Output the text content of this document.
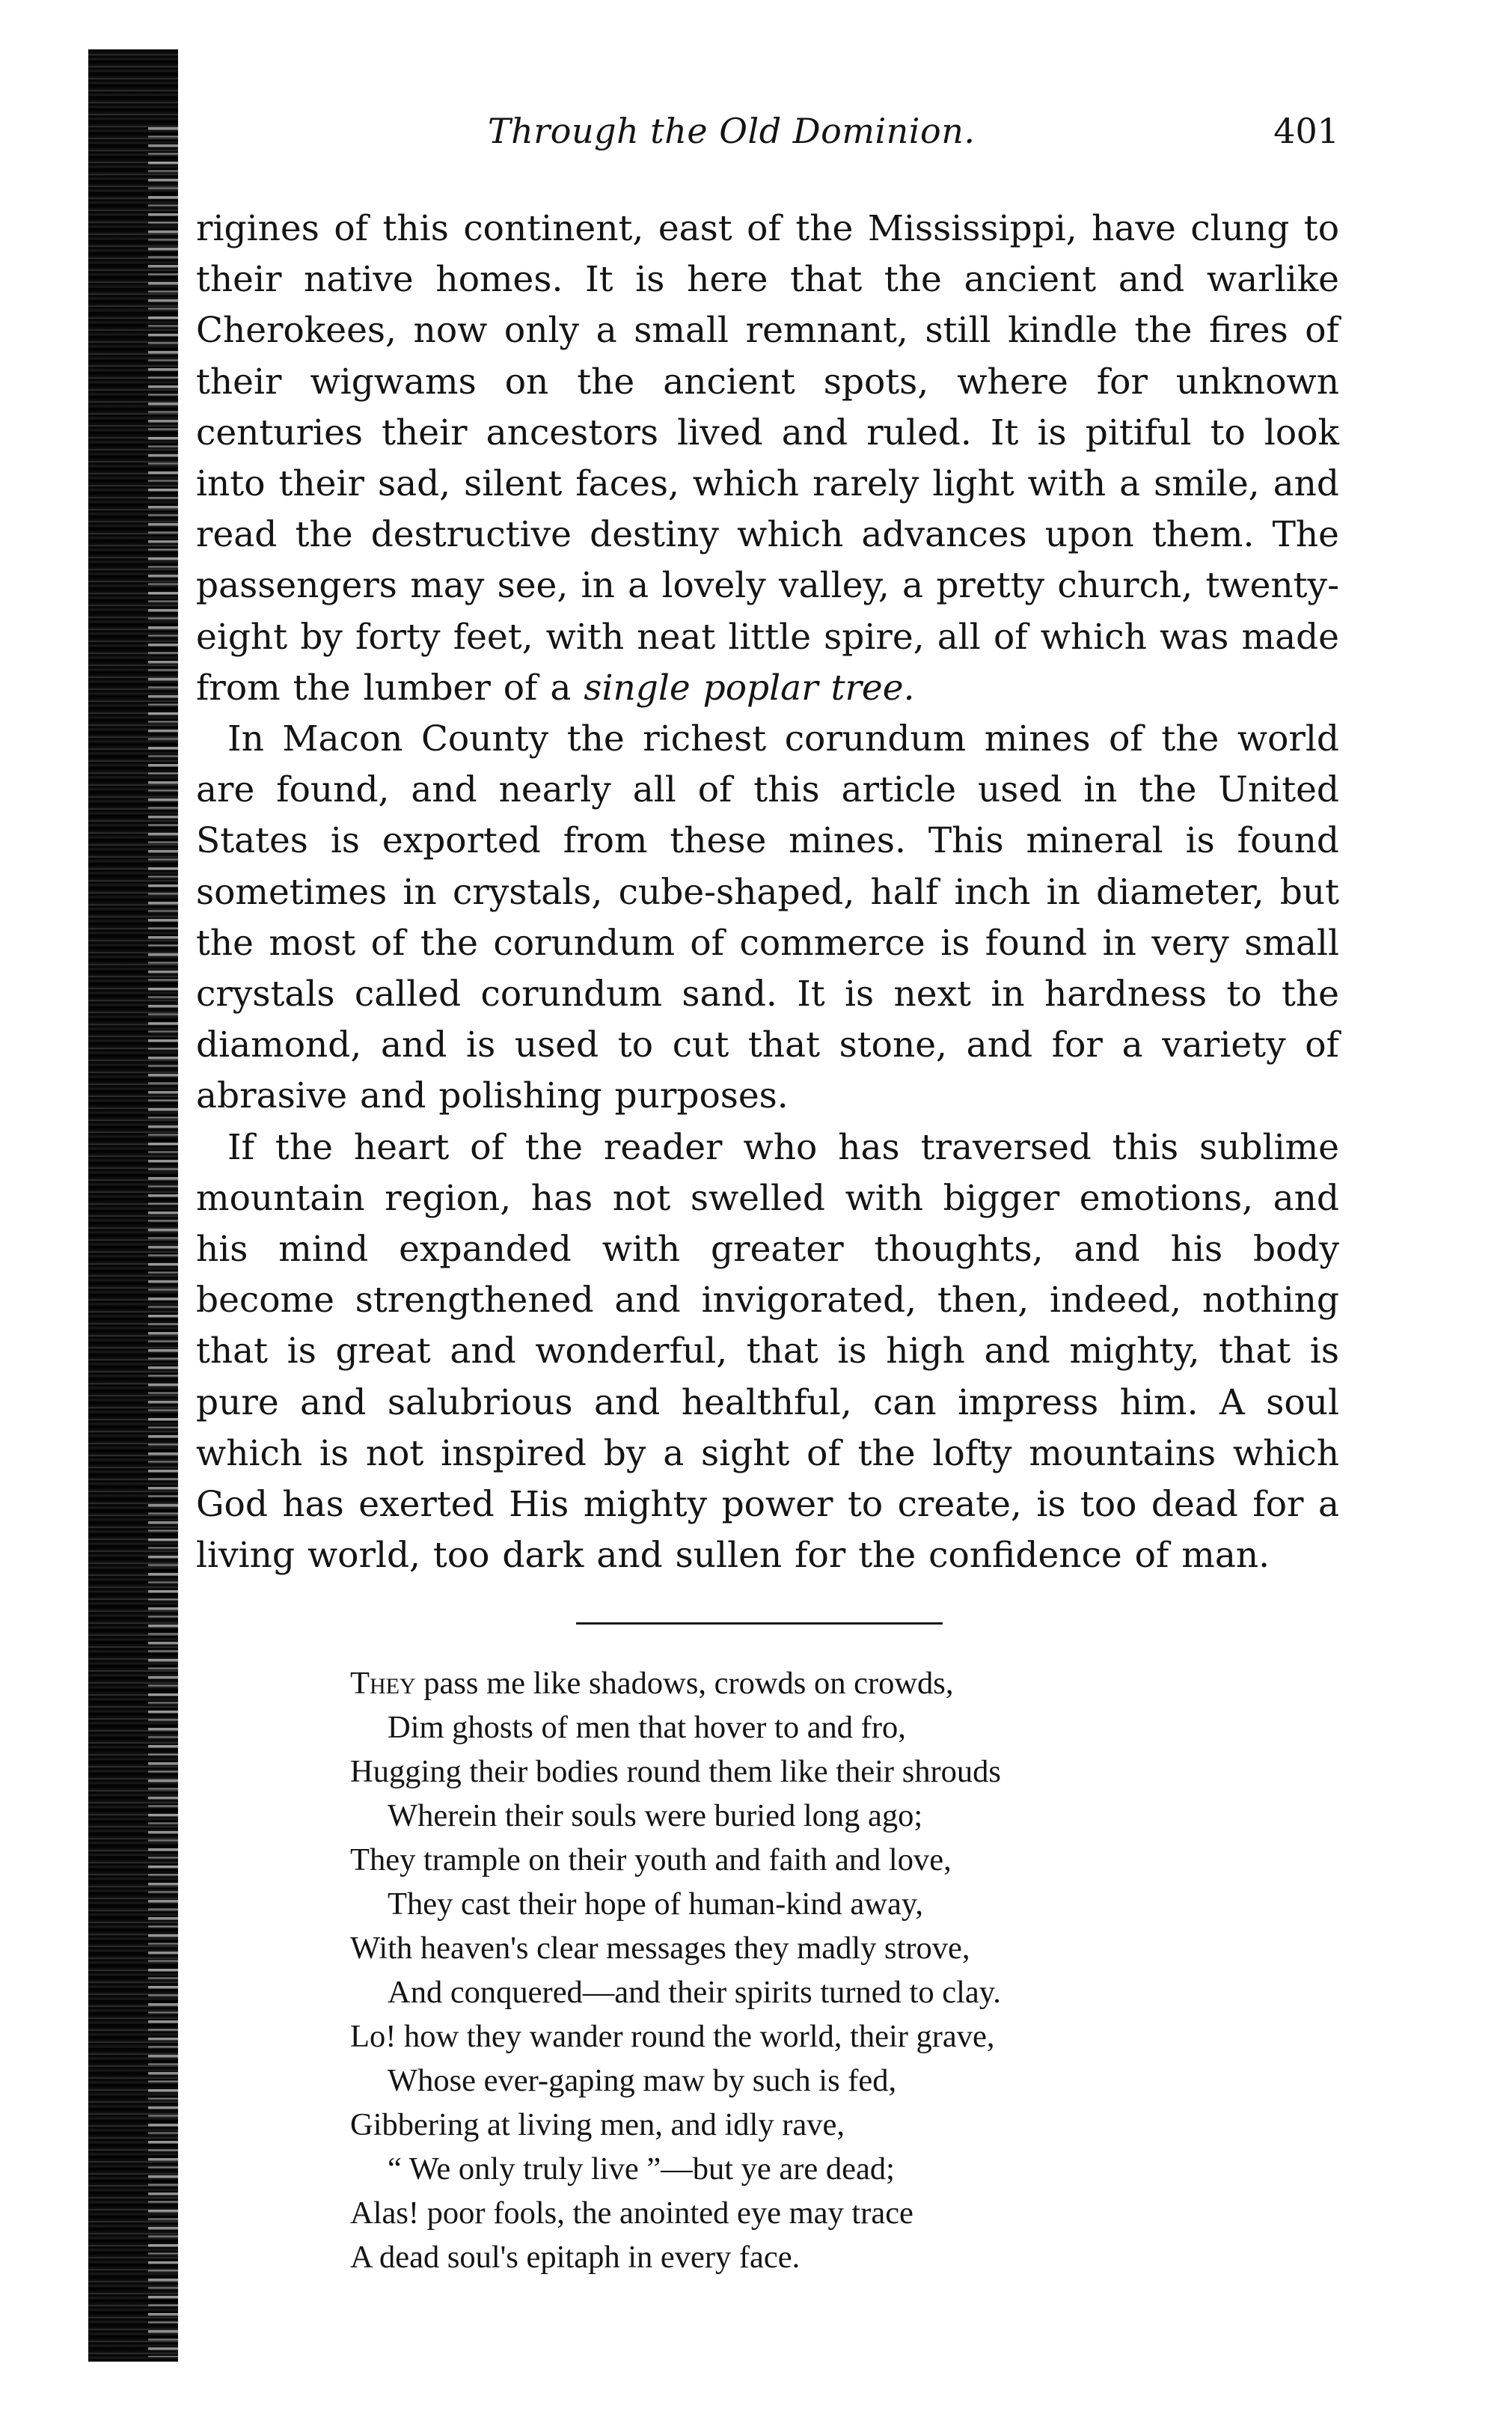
Through the Old Dominion.	401

rigines of this continent, east of the Mississippi, have clung to their native homes. It is here that the ancient and warlike Cherokees, now only a small remnant, still kindle the fires of their wigwams on the ancient spots, where for unknown centuries their ancestors lived and ruled. It is pitiful to look into their sad, silent faces, which rarely light with a smile, and read the destructive destiny which advances upon them. The passengers may see, in a lovely valley, a pretty church, twenty-eight by forty feet, with neat little spire, all of which was made from the lumber of a single poplar tree.

In Macon County the richest corundum mines of the world are found, and nearly all of this article used in the United States is exported from these mines. This mineral is found sometimes in crystals, cube-shaped, half inch in diameter, but the most of the corundum of commerce is found in very small crystals called corundum sand. It is next in hardness to the diamond, and is used to cut that stone, and for a variety of abrasive and polishing purposes.

If the heart of the reader who has traversed this sublime mountain region, has not swelled with bigger emotions, and his mind expanded with greater thoughts, and his body become strengthened and invigorated, then, indeed, nothing that is great and wonderful, that is high and mighty, that is pure and salubrious and healthful, can impress him. A soul which is not inspired by a sight of the lofty mountains which God has exerted His mighty power to create, is too dead for a living world, too dark and sullen for the confidence of man.

They pass me like shadows, crowds on crowds,
Dim ghosts of men that hover to and fro,
Hugging their bodies round them like their shrouds
Wherein their souls were buried long ago;
They trample on their youth and faith and love,
They cast their hope of human-kind away,
With heaven's clear messages they madly strove,
And conquered—and their spirits turned to clay.
Lo! how they wander round the world, their grave,
Whose ever-gaping maw by such is fed,
Gibbering at living men, and idly rave,
“ We only truly live ”—but ye are dead;
Alas! poor fools, the anointed eye may trace
A dead soul's epitaph in every face.
